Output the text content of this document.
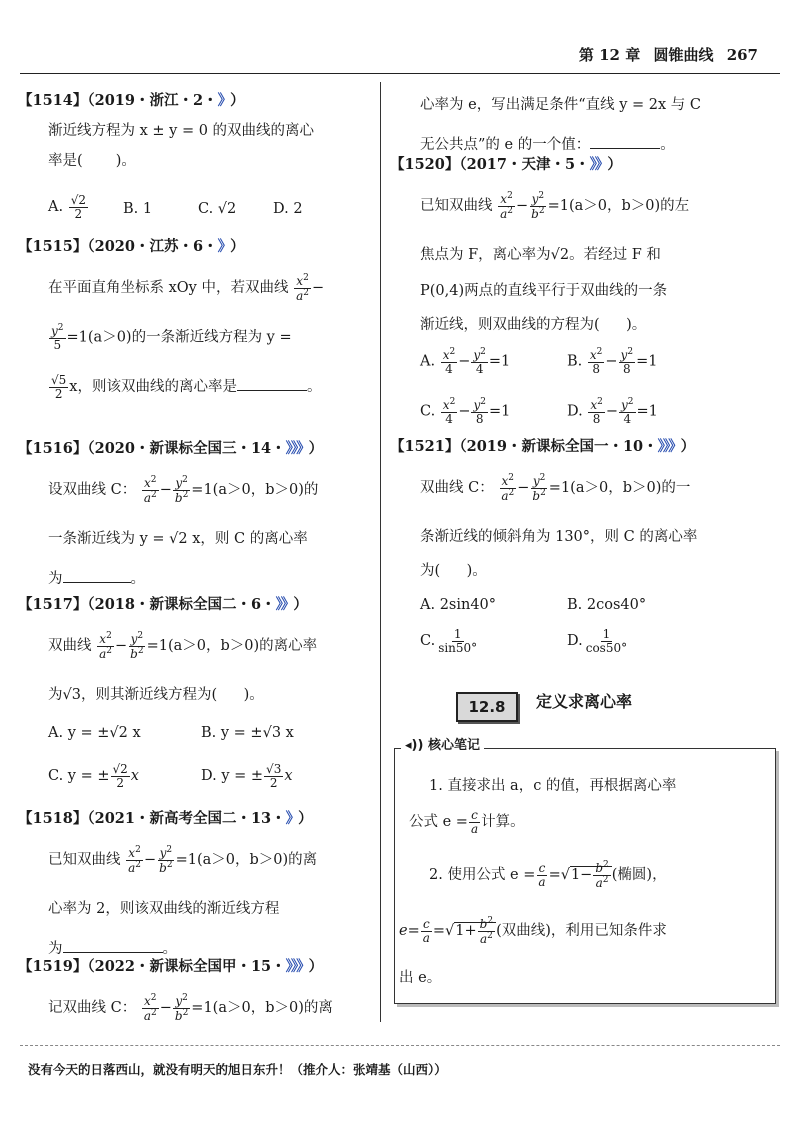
第 12 章 圆锥曲线 267
【1514】（2019・浙江・2・》）
渐近线方程为 x ± y = 0 的双曲线的离心
率是( )。
A. $\frac{√2}{2} B$. 1	C. √2	D. 2
【1515】（2020・江苏・6・》）
在平面直角坐标系 xOy 中，若双曲线 $\frac{x^2}{a^2}$ −
$\frac{y^2}{5} =1(a>0)$的一条渐近线方程为 y =
$\frac{√5}{2}$ x，则该双曲线的离心率是	。
【1516】（2020・新课标全国三・14・》》》）
设双曲线 C： $\frac{x^2}{a^2} - \frac{y^2}{b^2} =1(a>0$，b＞0)的
一条渐近线为 y = √2 x，则 C 的离心率
为	。
【1517】（2018・新课标全国二・6・》》）
双曲线 $\frac{x^2}{a^2} - \frac{y^2}{b^2} =1(a>0$，b＞0)的离心率
为√3，则其渐近线方程为( )。
A. y = ±√2 x	B. y = ±√3 x
C. y = ± $\frac{√2}{2}$ x	D. y = ± $\frac{√3}{2}$ x
【1518】（2021・新高考全国二・13・》）
已知双曲线 $\frac{x^2}{a^2} - \frac{y^2}{b^2} =1(a>0$，b＞0)的离
心率为 2，则该双曲线的渐近线方程
为	。
【1519】（2022・新课标全国甲・15・》》》）
记双曲线 C： $\frac{x^2}{a^2} - \frac{y^2}{b^2} =1(a>0$，b＞0)的离
心率为 e，写出满足条件“直线 y = 2x 与 C
无公共点”的 e 的一个值：	。
【1520】（2017・天津・5・》》）
已知双曲线 $\frac{x^2}{a^2} - \frac{y^2}{b^2} =1(a>0$，b＞0)的左
焦点为 F，离心率为√2。若经过 F 和
P(0,4)两点的直线平行于双曲线的一条
渐近线，则双曲线的方程为( )。
A. $\frac{x^2}{4} - \frac{y^2}{4} =1$	B. $\frac{x^2}{8} - \frac{y^2}{8} =1$
C. $\frac{x^2}{4} - \frac{y^2}{8} =1$	D. $\frac{x^2}{8} - \frac{y^2}{4} =1$
【1521】（2019・新课标全国一・10・》》》）
双曲线 C： $\frac{x^2}{a^2} - \frac{y^2}{b^2} =1(a>0$，b＞0)的一
条渐近线的倾斜角为 130°，则 C 的离心率
为( )。
A. 2sin40°	B. 2cos40°
C. $\frac{1}{\sin 50^\circ}$	D. $\frac{1}{\cos 50^\circ}$
12.8	定义求离心率
◂)) 核心笔记
1. 直接求出 a，c 的值，再根据离心率
公式 $e = \frac{c}{a}$ 计算。
2. 使用公式 $e = \frac{c}{a} =√1- \frac{b^2}{a^2}$ (椭圆)，
$e= \frac{c}{a} =√1+ \frac{b^2}{a^2}$ (双曲线)，利用已知条件求
出 e。
没有今天的日落西山，就没有明天的旭日东升！（推介人：张靖基（山西））
